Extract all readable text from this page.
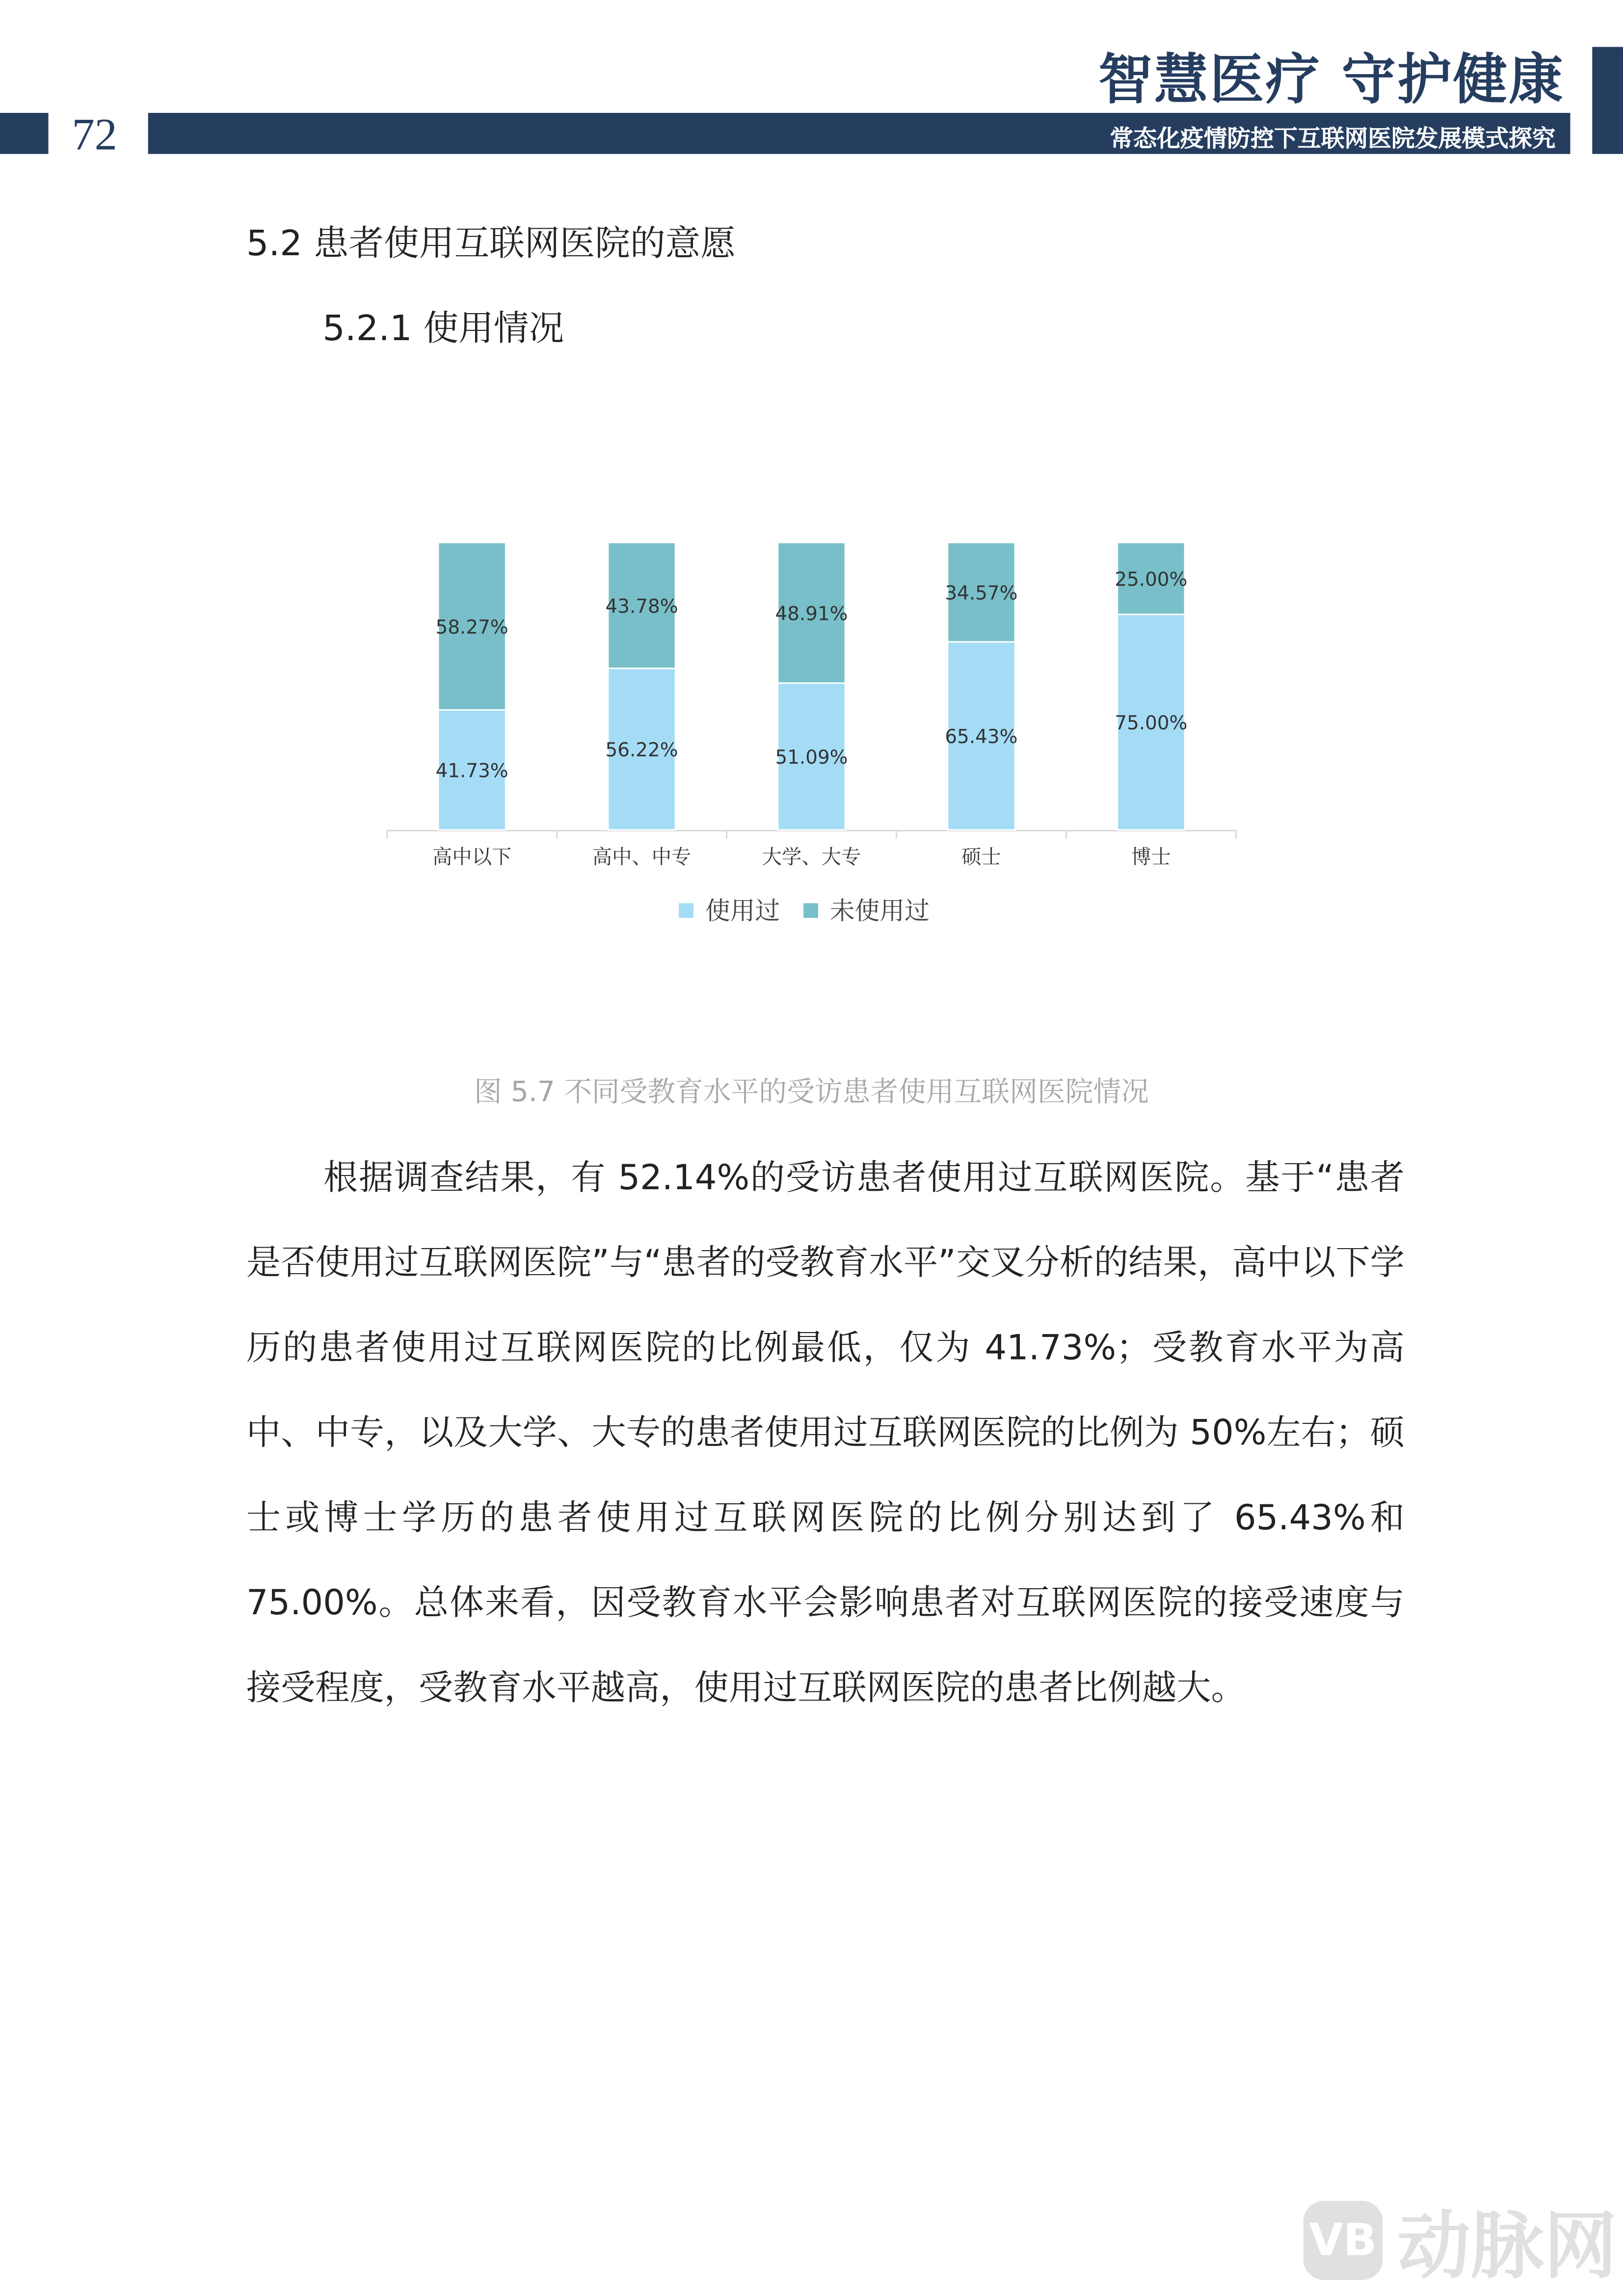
72
智慧医疗 守护健康
常态化疫情防控下互联网医院发展模式探究
5.2 患者使用互联网医院的意愿
5.2.1 使用情况
41.73%
58.27%
高中以下
56.22%
43.78%
高中、中专
51.09%
48.91%
大学、大专
65.43%
34.57%
硕士
75.00%
25.00%
博士
使用过	未使用过
图 5.7 不同受教育水平的受访患者使用互联网医院情况
根据调查结果，有 52.14%的受访患者使用过互联网医院。基于“患者是否使用过互联网医院”与“患者的受教育水平”交叉分析的结果，高中以下学历的患者使用过互联网医院的比例最低，仅为 41.73%；受教育水平为高中、中专，以及大学、大专的患者使用过互联网医院的比例为 50%左右；硕士或博士学历的患者使用过互联网医院的比例分别达到了 65.43%和 75.00%。总体来看，因受教育水平会影响患者对互联网医院的接受速度与接受程度，受教育水平越高，使用过互联网医院的患者比例越大。
VB 动脉网
